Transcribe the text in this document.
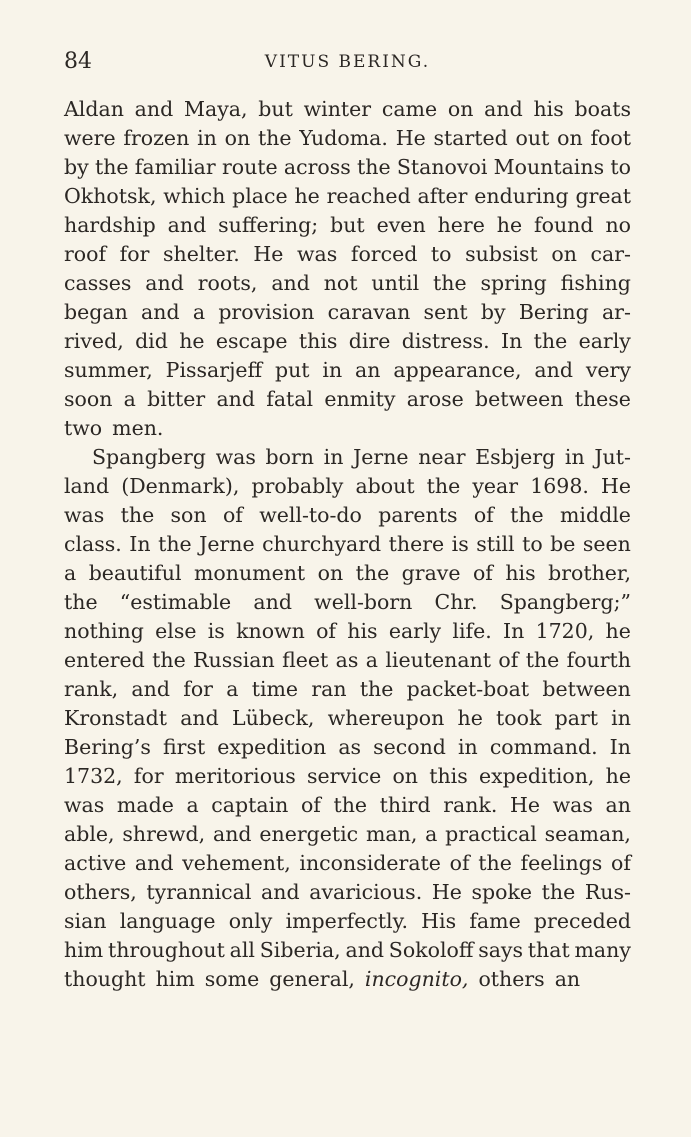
84	VITUS BERING.
Aldan and Maya, but winter came on and his boats
were frozen in on the Yudoma. He started out on foot
by the familiar route across the Stanovoi Mountains to
Okhotsk, which place he reached after enduring great
hardship and suffering; but even here he found no
roof for shelter. He was forced to subsist on car-
casses and roots, and not until the spring fishing
began and a provision caravan sent by Bering ar-
rived, did he escape this dire distress. In the early
summer, Pissarjeff put in an appearance, and very
soon a bitter and fatal enmity arose between these
two men.
Spangberg was born in Jerne near Esbjerg in Jut-
land (Denmark), probably about the year 1698. He
was the son of well-to-do parents of the middle
class. In the Jerne churchyard there is still to be seen
a beautiful monument on the grave of his brother,
the “estimable and well-born Chr. Spangberg;”
nothing else is known of his early life. In 1720, he
entered the Russian fleet as a lieutenant of the fourth
rank, and for a time ran the packet-boat between
Kronstadt and Lübeck, whereupon he took part in
Bering’s first expedition as second in command. In
1732, for meritorious service on this expedition, he
was made a captain of the third rank. He was an
able, shrewd, and energetic man, a practical seaman,
active and vehement, inconsiderate of the feelings of
others, tyrannical and avaricious. He spoke the Rus-
sian language only imperfectly. His fame preceded
him throughout all Siberia, and Sokoloff says that many
thought him some general, incognito, others an
